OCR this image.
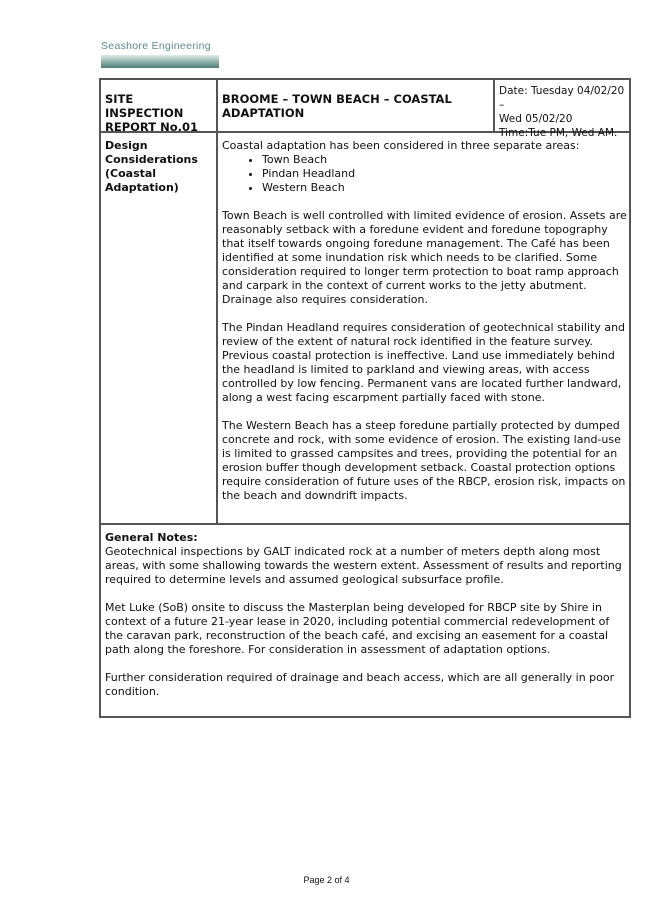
Seashore Engineering

SITE INSPECTION

REPORT No.01

BROOME – TOWN BEACH – COASTAL

ADAPTATION

Date: Tuesday 04/02/20 –

Wed 05/02/20

Time:Tue PM, Wed AM.

Design

Considerations

(Coastal

Adaptation)

Coastal adaptation has been considered in three separate areas:

• Town Beach
• Pindan Headland
• Western Beach

Town Beach is well controlled with limited evidence of erosion. Assets are reasonably setback with a foredune evident and foredune topography that itself towards ongoing foredune management. The Café has been identified at some inundation risk which needs to be clarified. Some consideration required to longer term protection to boat ramp approach and carpark in the context of current works to the jetty abutment. Drainage also requires consideration.

The Pindan Headland requires consideration of geotechnical stability and review of the extent of natural rock identified in the feature survey. Previous coastal protection is ineffective. Land use immediately behind the headland is limited to parkland and viewing areas, with access controlled by low fencing. Permanent vans are located further landward, along a west facing escarpment partially faced with stone.

The Western Beach has a steep foredune partially protected by dumped concrete and rock, with some evidence of erosion. The existing land-use is limited to grassed campsites and trees, providing the potential for an erosion buffer though development setback. Coastal protection options require consideration of future uses of the RBCP, erosion risk, impacts on the beach and downdrift impacts.

General Notes:

Geotechnical inspections by GALT indicated rock at a number of meters depth along most areas, with some shallowing towards the western extent. Assessment of results and reporting required to determine levels and assumed geological subsurface profile.

Met Luke (SoB) onsite to discuss the Masterplan being developed for RBCP site by Shire in context of a future 21-year lease in 2020, including potential commercial redevelopment of the caravan park, reconstruction of the beach café, and excising an easement for a coastal path along the foreshore. For consideration in assessment of adaptation options.

Further consideration required of drainage and beach access, which are all generally in poor condition.

Page 2 of 4
